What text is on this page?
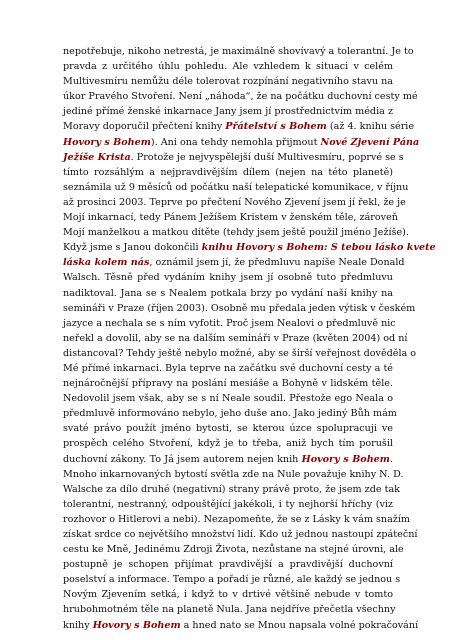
nepotřebuje, nikoho netrestá, je maximálně shovívavý a tolerantní. Je to
pravda z určitého úhlu pohledu. Ale vzhledem k situaci v celém
Multivesmíru nemůžu déle tolerovat rozpínání negativního stavu na
úkor Pravého Stvoření. Není „náhoda“, že na počátku duchovní cesty mé
jediné přímé ženské inkarnace Jany jsem jí prostřednictvím média z
Moravy doporučil přečtení knihy Přátelství s Bohem (až 4. knihu série
Hovory s Bohem). Ani ona tehdy nemohla přijmout Nové Zjevení Pána
Ježíše Krista. Protože je nejvyspělejší duší Multivesmíru, poprvé se s
tímto rozsáhlým a nejpravdivějším dílem (nejen na této planetě)
seznámila už 9 měsíců od počátku naší telepatické komunikace, v říjnu
až prosinci 2003. Teprve po přečtení Nového Zjevení jsem jí řekl, že je
Mojí inkarnací, tedy Pánem Ježíšem Kristem v ženském těle, zároveň
Mojí manželkou a matkou dítěte (tehdy jsem ještě použil jméno Ježíše).
Když jsme s Janou dokončili knihu Hovory s Bohem: S tebou lásko kvete
láska kolem nás, oznámil jsem jí, že předmluvu napíše Neale Donald
Walsch. Těsně před vydáním knihy jsem jí osobně tuto předmluvu
nadiktoval. Jana se s Nealem potkala brzy po vydání naší knihy na
semináři v Praze (říjen 2003). Osobně mu předala jeden výtisk v českém
jazyce a nechala se s ním vyfotit. Proč jsem Nealovi o předmluvě nic
neřekl a dovolil, aby se na dalším semináři v Praze (květen 2004) od ní
distancoval? Tehdy ještě nebylo možné, aby se širší veřejnost dověděla o
Mé přímé inkarnaci. Byla teprve na začátku své duchovní cesty a té
nejnáročnější přípravy na poslání mesiáše a Bohyně v lidském těle.
Nedovolil jsem však, aby se s ní Neale soudil. Přestože ego Neala o
předmluvě informováno nebylo, jeho duše ano. Jako jediný Bůh mám
svaté právo použít jméno bytosti, se kterou úzce spolupracuji ve
prospěch celého Stvoření, když je to třeba, aniž bych tím porušil
duchovní zákony. To Já jsem autorem nejen knih Hovory s Bohem.
Mnoho inkarnovaných bytostí světla zde na Nule považuje knihy N. D.
Walsche za dílo druhé (negativní) strany právě proto, že jsem zde tak
tolerantní, nestranný, odpouštějící jakékoli, i ty nejhorší hříchy (viz
rozhovor o Hitlerovi a nebi). Nezapomeňte, že se z Lásky k vám snažím
získat srdce co největšího množství lidí. Kdo už jednou nastoupí zpáteční
cestu ke Mně, Jedinému Zdroji Života, nezůstane na stejné úrovni, ale
postupně je schopen přijímat pravdivější a pravdivější duchovní
poselství a informace. Tempo a pořadí je různé, ale každý se jednou s
Novým Zjevením setká, i když to v drtivé většině nebude v tomto
hrubohmotném těle na planetě Nula. Jana nejdříve přečetla všechny
knihy Hovory s Bohem a hned nato se Mnou napsala volné pokračování
